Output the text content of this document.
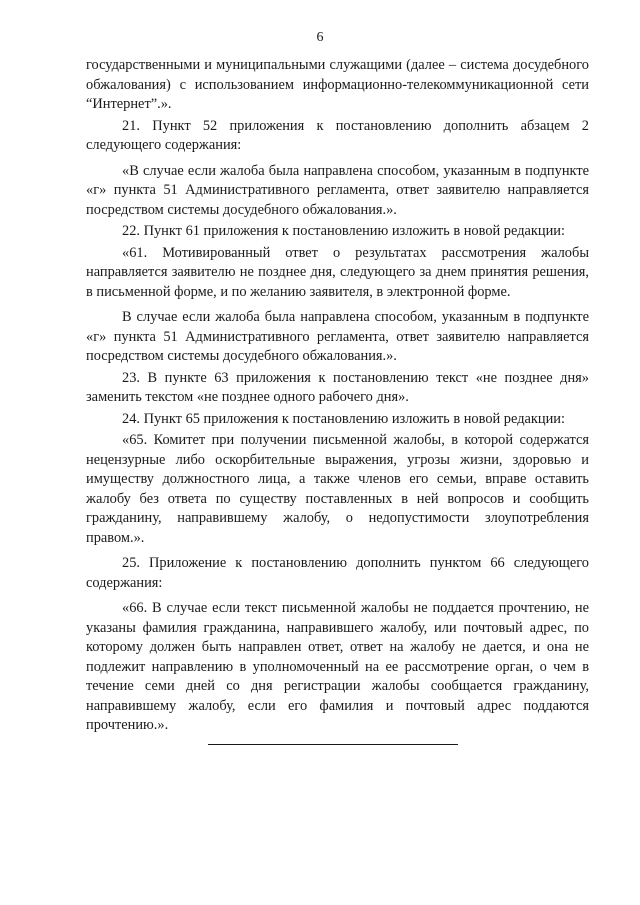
6

государственными и муниципальными служащими (далее – система досудебного обжалования) с использованием информационно-телекоммуникационной сети “Интернет”.».

21. Пункт 52 приложения к постановлению дополнить абзацем 2 следующего содержания:

«В случае если жалоба была направлена способом, указанным в подпункте «г» пункта 51 Административного регламента, ответ заявителю направляется посредством системы досудебного обжалования.».

22. Пункт 61 приложения к постановлению изложить в новой редакции:

«61. Мотивированный ответ о результатах рассмотрения жалобы направляется заявителю не позднее дня, следующего за днем принятия решения, в письменной форме, и по желанию заявителя, в электронной форме.

В случае если жалоба была направлена способом, указанным в подпункте «г» пункта 51 Административного регламента, ответ заявителю направляется посредством системы досудебного обжалования.».

23. В пункте 63 приложения к постановлению текст «не позднее дня» заменить текстом «не позднее одного рабочего дня».

24. Пункт 65 приложения к постановлению изложить в новой редакции:

«65. Комитет при получении письменной жалобы, в которой содержатся нецензурные либо оскорбительные выражения, угрозы жизни, здоровью и имуществу должностного лица, а также членов его семьи, вправе оставить жалобу без ответа по существу поставленных в ней вопросов и сообщить гражданину, направившему жалобу, о недопустимости злоупотребления правом.».

25. Приложение к постановлению дополнить пунктом 66 следующего содержания:

«66. В случае если текст письменной жалобы не поддается прочтению, не указаны фамилия гражданина, направившего жалобу, или почтовый адрес, по которому должен быть направлен ответ, ответ на жалобу не дается, и она не подлежит направлению в уполномоченный на ее рассмотрение орган, о чем в течение семи дней со дня регистрации жалобы сообщается гражданину, направившему жалобу, если его фамилия и почтовый адрес поддаются прочтению.».
